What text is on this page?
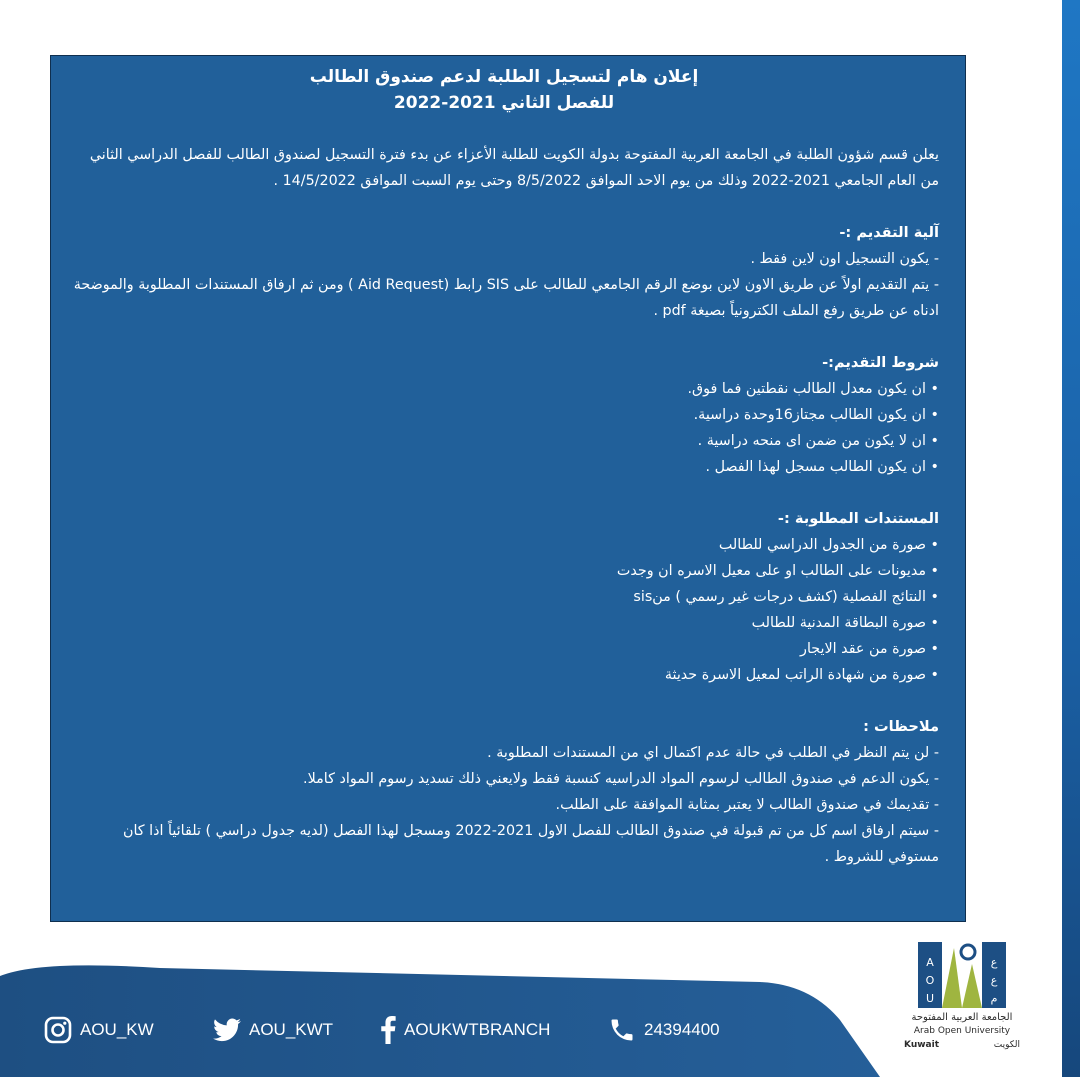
إعلان هام لتسجيل الطلبة لدعم صندوق الطالب
للفصل الثاني 2021-2022
يعلن قسم شؤون الطلبة في الجامعة العربية المفتوحة بدولة الكويت للطلبة الأعزاء عن بدء فترة التسجيل لصندوق الطالب للفصل الدراسي الثاني من العام الجامعي 2021-2022 وذلك من يوم الاحد الموافق 8/5/2022 وحتى يوم السبت الموافق 14/5/2022 .
آلية التقديم :-
- يكون التسجيل اون لاين فقط .
- يتم التقديم اولاً عن طريق الاون لاين بوضع الرقم الجامعي للطالب على SIS رابط (Aid Request ) ومن ثم ارفاق المستندات المطلوبة والموضحة ادناه عن طريق رفع الملف الكترونياً بصيغة pdf .
شروط التقديم:-
• ان يكون معدل الطالب نقطتين فما فوق.
• ان يكون الطالب مجتاز16وحدة دراسية.
• ان لا يكون من ضمن اى منحه دراسية .
• ان يكون الطالب مسجل لهذا الفصل .
المستندات المطلوبة :-
• صورة من الجدول الدراسي للطالب
• مديونات على الطالب او على معيل الاسره ان وجدت
• النتائج الفصلية (كشف درجات غير رسمي ) منsis
• صورة البطاقة المدنية للطالب
• صورة من عقد الايجار
• صورة من شهادة الراتب لمعيل الاسرة حديثة
ملاحظات :
- لن يتم النظر في الطلب في حالة عدم اكتمال اي من المستندات المطلوبة .
- يكون الدعم في صندوق الطالب لرسوم المواد الدراسيه كنسبة فقط ولايعني ذلك تسديد رسوم المواد كاملا.
- تقديمك في صندوق الطالب لا يعتبر بمثابة الموافقة على الطلب.
- سيتم ارفاق اسم كل من تم قبولة في صندوق الطالب للفصل الاول 2021-2022 ومسجل لهذا الفصل (لديه جدول دراسي ) تلقائياً اذا كان مستوفي للشروط .
AOU_KW	AOU_KWT	AOUKWTBRANCH	24394400
A
O
U
ع
ع
م
الجامعة العربية المفتوحة
Arab Open University
Kuwait	الكويت
